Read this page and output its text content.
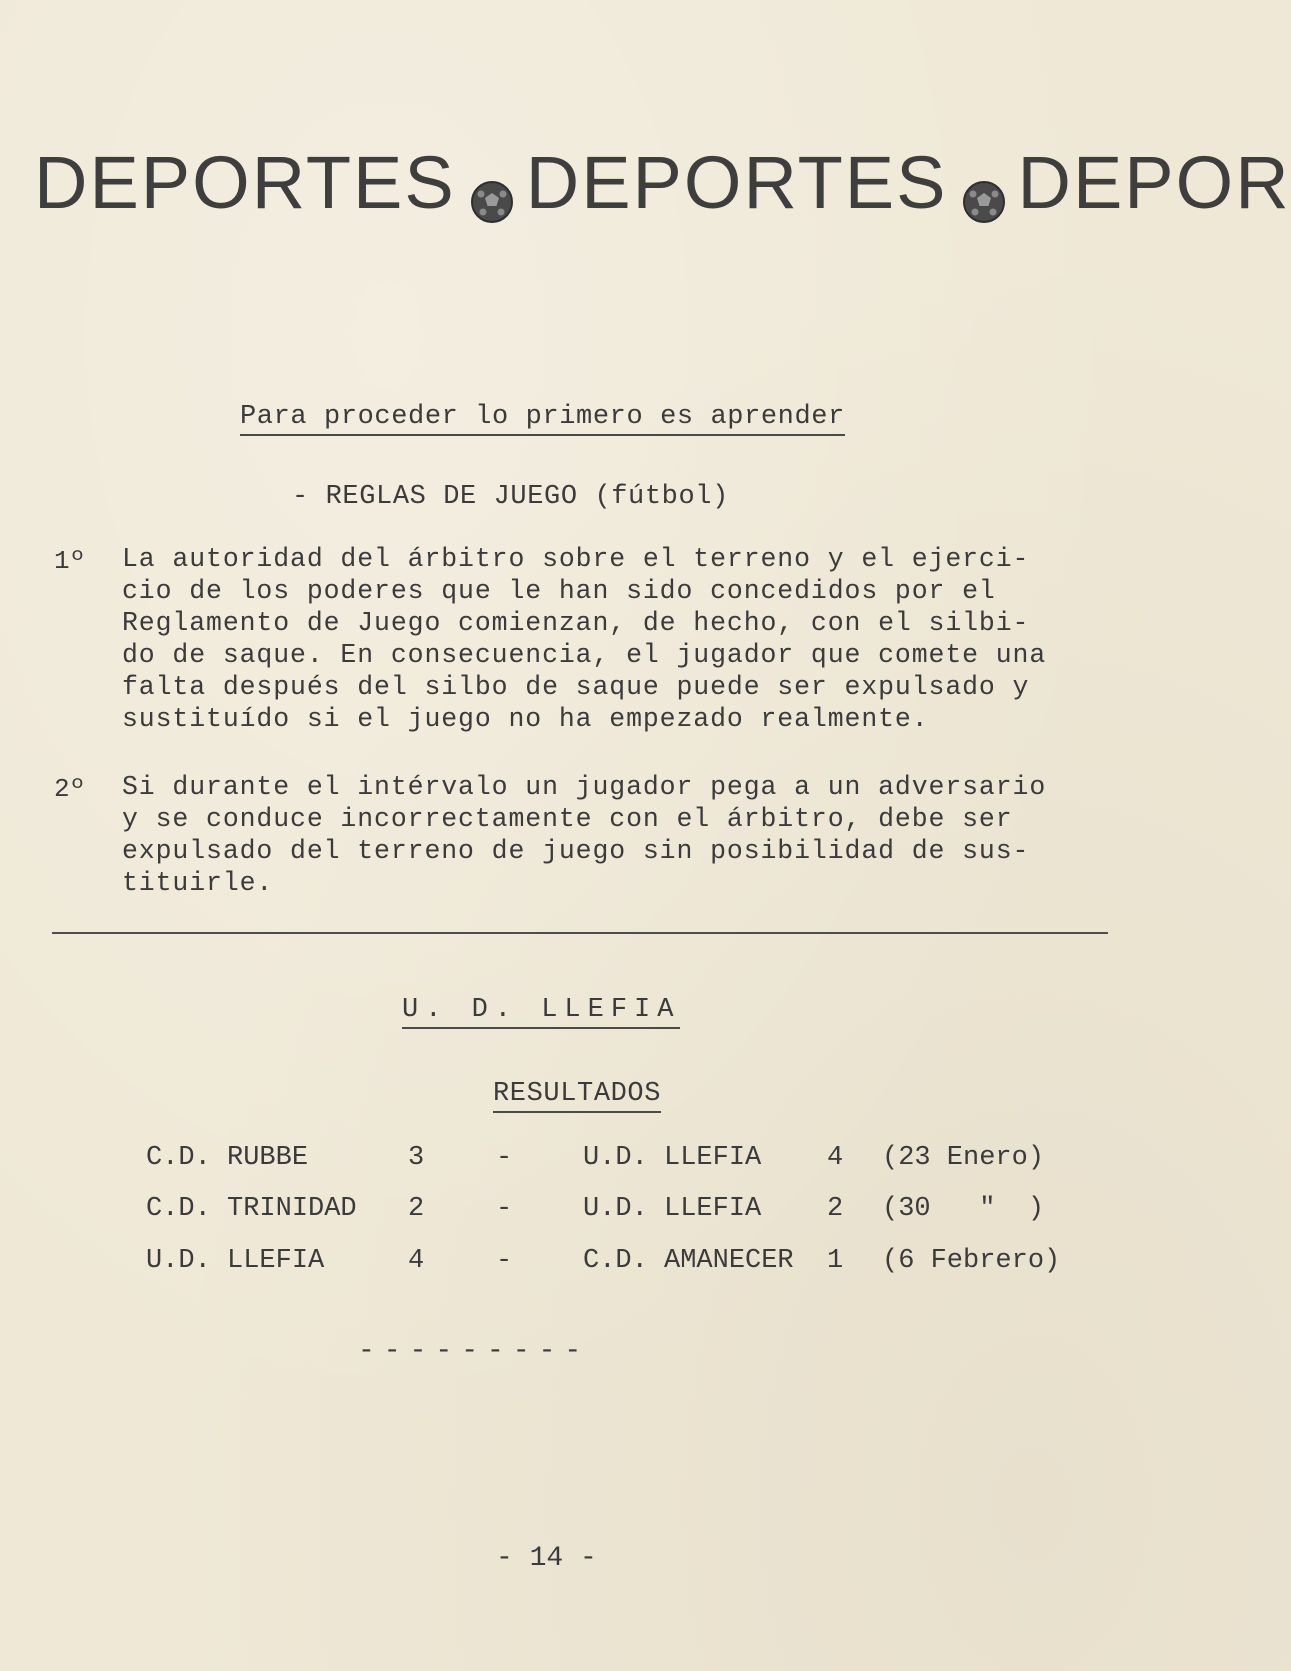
DEPORTES DEPORTES DEPOR
Para proceder lo primero es aprender
- REGLAS DE JUEGO (fútbol)
1º La autoridad del árbitro sobre el terreno y el ejerci-
cio de los poderes que le han sido concedidos por el
Reglamento de Juego comienzan, de hecho, con el silbi-
do de saque. En consecuencia, el jugador que comete una
falta después del silbo de saque puede ser expulsado y
sustituído si el juego no ha empezado realmente.
2º Si durante el intérvalo un jugador pega a un adversario
y se conduce incorrectamente con el árbitro, debe ser
expulsado del terreno de juego sin posibilidad de sus-
tituirle.
U. D. LLEFIA
RESULTADOS
C.D. RUBBE	3	-	U.D. LLEFIA 4 (23 Enero)
C.D. TRINIDAD 2	-	U.D. LLEFIA 2 (30   "  )
U.D. LLEFIA	4	-	C.D. AMANECER 1 (6 Febrero)
---------
- 14 -
